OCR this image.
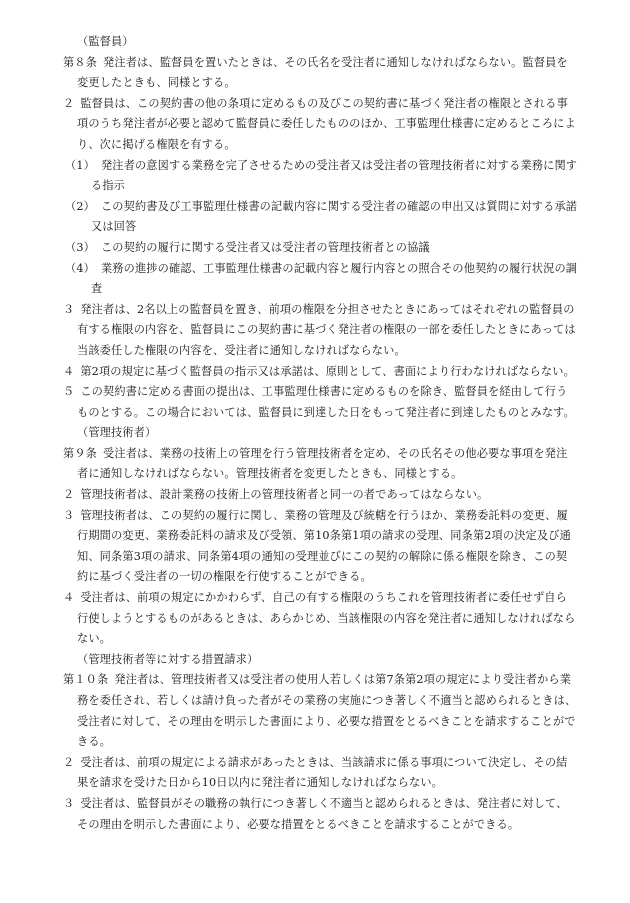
（監督員）

第８条 発注者は、監督員を置いたときは、その氏名を受注者に通知しなければならない。監督員を変更したときも、同様とする。

２ 監督員は、この契約書の他の条項に定めるもの及びこの契約書に基づく発注者の権限とされる事項のうち発注者が必要と認めて監督員に委任したもののほか、工事監理仕様書に定めるところにより、次に掲げる権限を有する。

（1） 発注者の意図する業務を完了させるための受注者又は受注者の管理技術者に対する業務に関する指示

（2） この契約書及び工事監理仕様書の記載内容に関する受注者の確認の申出又は質問に対する承諾又は回答

（3） この契約の履行に関する受注者又は受注者の管理技術者との協議

（4） 業務の進捗の確認、工事監理仕様書の記載内容と履行内容との照合その他契約の履行状況の調査

３ 発注者は、2名以上の監督員を置き、前項の権限を分担させたときにあってはそれぞれの監督員の有する権限の内容を、監督員にこの契約書に基づく発注者の権限の一部を委任したときにあっては当該委任した権限の内容を、受注者に通知しなければならない。

４ 第2項の規定に基づく監督員の指示又は承諾は、原則として、書面により行わなければならない。

５ この契約書に定める書面の提出は、工事監理仕様書に定めるものを除き、監督員を経由して行うものとする。この場合においては、監督員に到達した日をもって発注者に到達したものとみなす。

（管理技術者）

第９条 受注者は、業務の技術上の管理を行う管理技術者を定め、その氏名その他必要な事項を発注者に通知しなければならない。管理技術者を変更したときも、同様とする。

２ 管理技術者は、設計業務の技術上の管理技術者と同一の者であってはならない。

３ 管理技術者は、この契約の履行に関し、業務の管理及び統轄を行うほか、業務委託料の変更、履行期間の変更、業務委託料の請求及び受領、第10条第1項の請求の受理、同条第2項の決定及び通知、同条第3項の請求、同条第4項の通知の受理並びにこの契約の解除に係る権限を除き、この契約に基づく受注者の一切の権限を行使することができる。

４ 受注者は、前項の規定にかかわらず、自己の有する権限のうちこれを管理技術者に委任せず自ら行使しようとするものがあるときは、あらかじめ、当該権限の内容を発注者に通知しなければならない。

（管理技術者等に対する措置請求）

第１０条 発注者は、管理技術者又は受注者の使用人若しくは第7条第2項の規定により受注者から業務を委任され、若しくは請け負った者がその業務の実施につき著しく不適当と認められるときは、受注者に対して、その理由を明示した書面により、必要な措置をとるべきことを請求することができる。

２ 受注者は、前項の規定による請求があったときは、当該請求に係る事項について決定し、その結果を請求を受けた日から10日以内に発注者に通知しなければならない。

３ 受注者は、監督員がその職務の執行につき著しく不適当と認められるときは、発注者に対して、その理由を明示した書面により、必要な措置をとるべきことを請求することができる。
